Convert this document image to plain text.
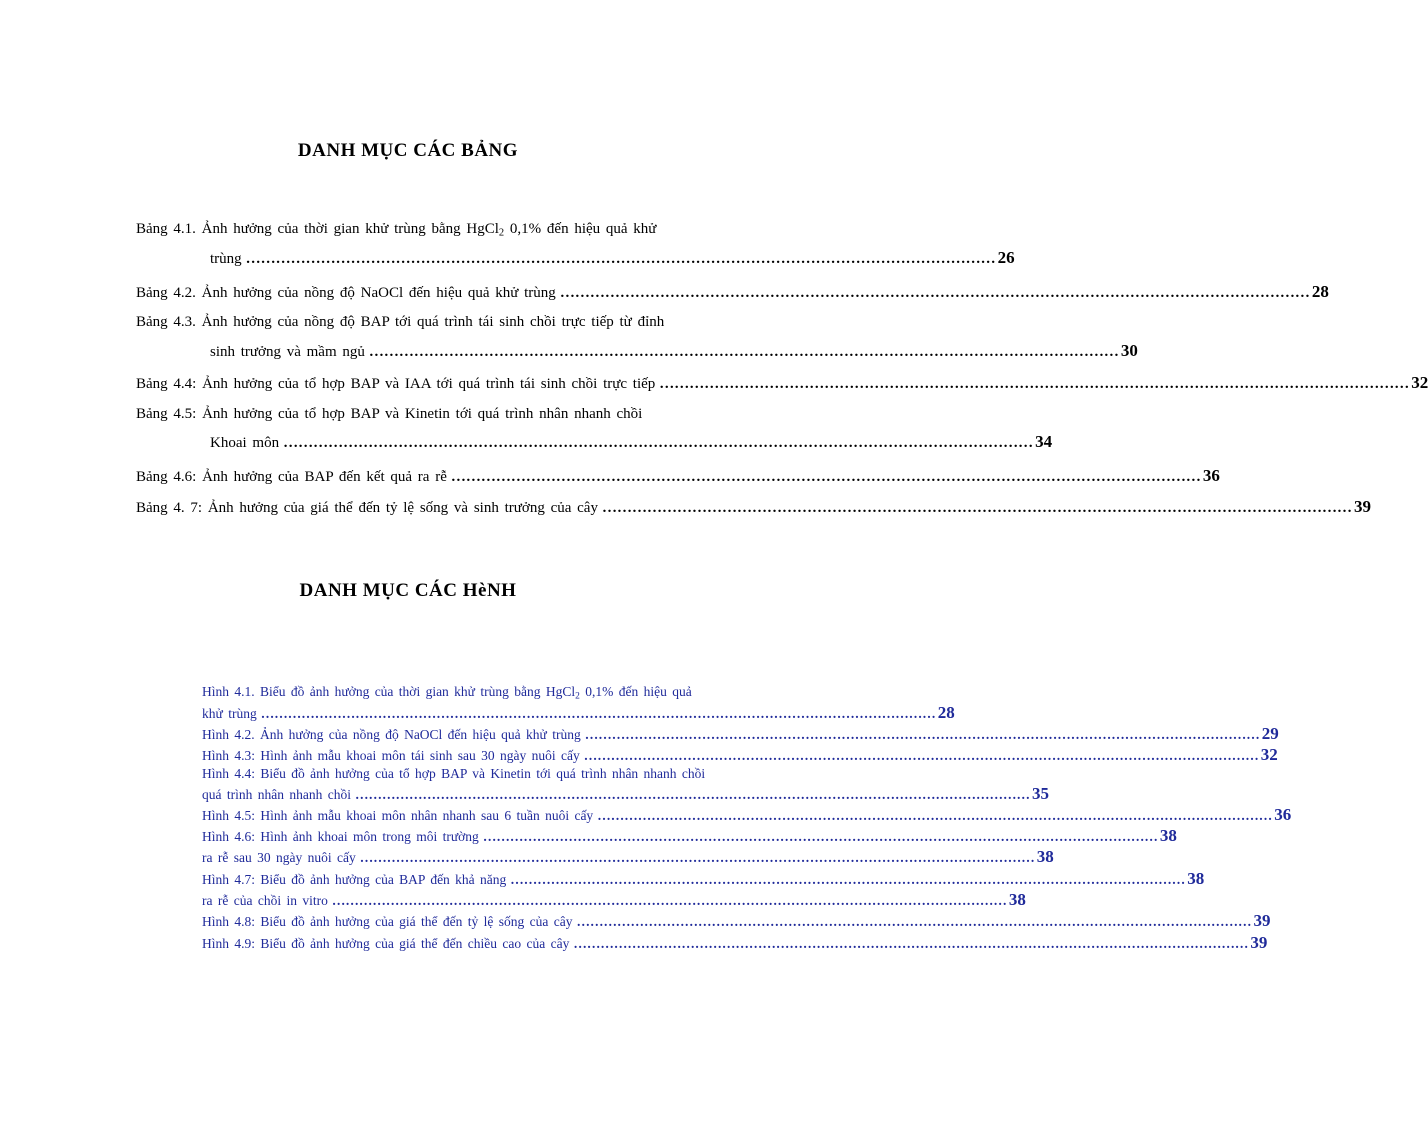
DANH MỤC CÁC BẢNG
Bảng 4.1. Ảnh hưởng của thời gian khử trùng bằng HgCl$_2$ 0,1% đến hiệu quả khử
trùng …………………………………………………………………………………………………………………………………… 26
Bảng 4.2. Ảnh hưởng của nồng độ NaOCl đến hiệu quả khử trùng …………………………………………………………………………………………………………………………………… 28
Bảng 4.3. Ảnh hưởng của nồng độ BAP tới quá trình tái sinh chồi trực tiếp từ đỉnh
sinh trưởng và mầm ngủ …………………………………………………………………………………………………………………………………… 30
Bảng 4.4: Ảnh hưởng của tổ hợp BAP và IAA tới quá trình tái sinh chồi trực tiếp …………………………………………………………………………………………………………………………………… 32
Bảng 4.5: Ảnh hưởng của tổ hợp BAP và Kinetin tới quá trình nhân nhanh chồi
Khoai môn …………………………………………………………………………………………………………………………………… 34
Bảng 4.6: Ảnh hưởng của BAP đến kết quả ra rễ …………………………………………………………………………………………………………………………………… 36
Bảng 4. 7: Ảnh hưởng của giá thể đến tỷ lệ sống và sinh trưởng của cây …………………………………………………………………………………………………………………………………… 39
DANH MỤC CÁC HèNH
Hình 4.1. Biểu đồ ảnh hưởng của thời gian khử trùng bằng HgCl$_2$ 0,1% đến hiệu quả
khử trùng …………………………………………………………………………………………………………………………………… 28
Hình 4.2. Ảnh hưởng của nồng độ NaOCl đến hiệu quả khử trùng …………………………………………………………………………………………………………………………………… 29
Hình 4.3: Hình ảnh mẫu khoai môn tái sinh sau 30 ngày nuôi cấy …………………………………………………………………………………………………………………………………… 32
Hình 4.4: Biểu đồ ảnh hưởng của tổ hợp BAP và Kinetin tới quá trình nhân nhanh chồi
quá trình nhân nhanh chồi …………………………………………………………………………………………………………………………………… 35
Hình 4.5: Hình ảnh mẫu khoai môn nhân nhanh sau 6 tuần nuôi cấy …………………………………………………………………………………………………………………………………… 36
Hình 4.6: Hình ảnh khoai môn trong môi trường …………………………………………………………………………………………………………………………………… 38
ra rễ sau 30 ngày nuôi cấy …………………………………………………………………………………………………………………………………… 38
Hình 4.7: Biểu đồ ảnh hưởng của BAP đến khả năng …………………………………………………………………………………………………………………………………… 38
ra rễ của chồi in vitro …………………………………………………………………………………………………………………………………… 38
Hình 4.8: Biểu đồ ảnh hưởng của giá thể đến tỷ lệ sống của cây …………………………………………………………………………………………………………………………………… 39
Hình 4.9: Biểu đồ ảnh hưởng của giá thể đến chiều cao của cây …………………………………………………………………………………………………………………………………… 39
